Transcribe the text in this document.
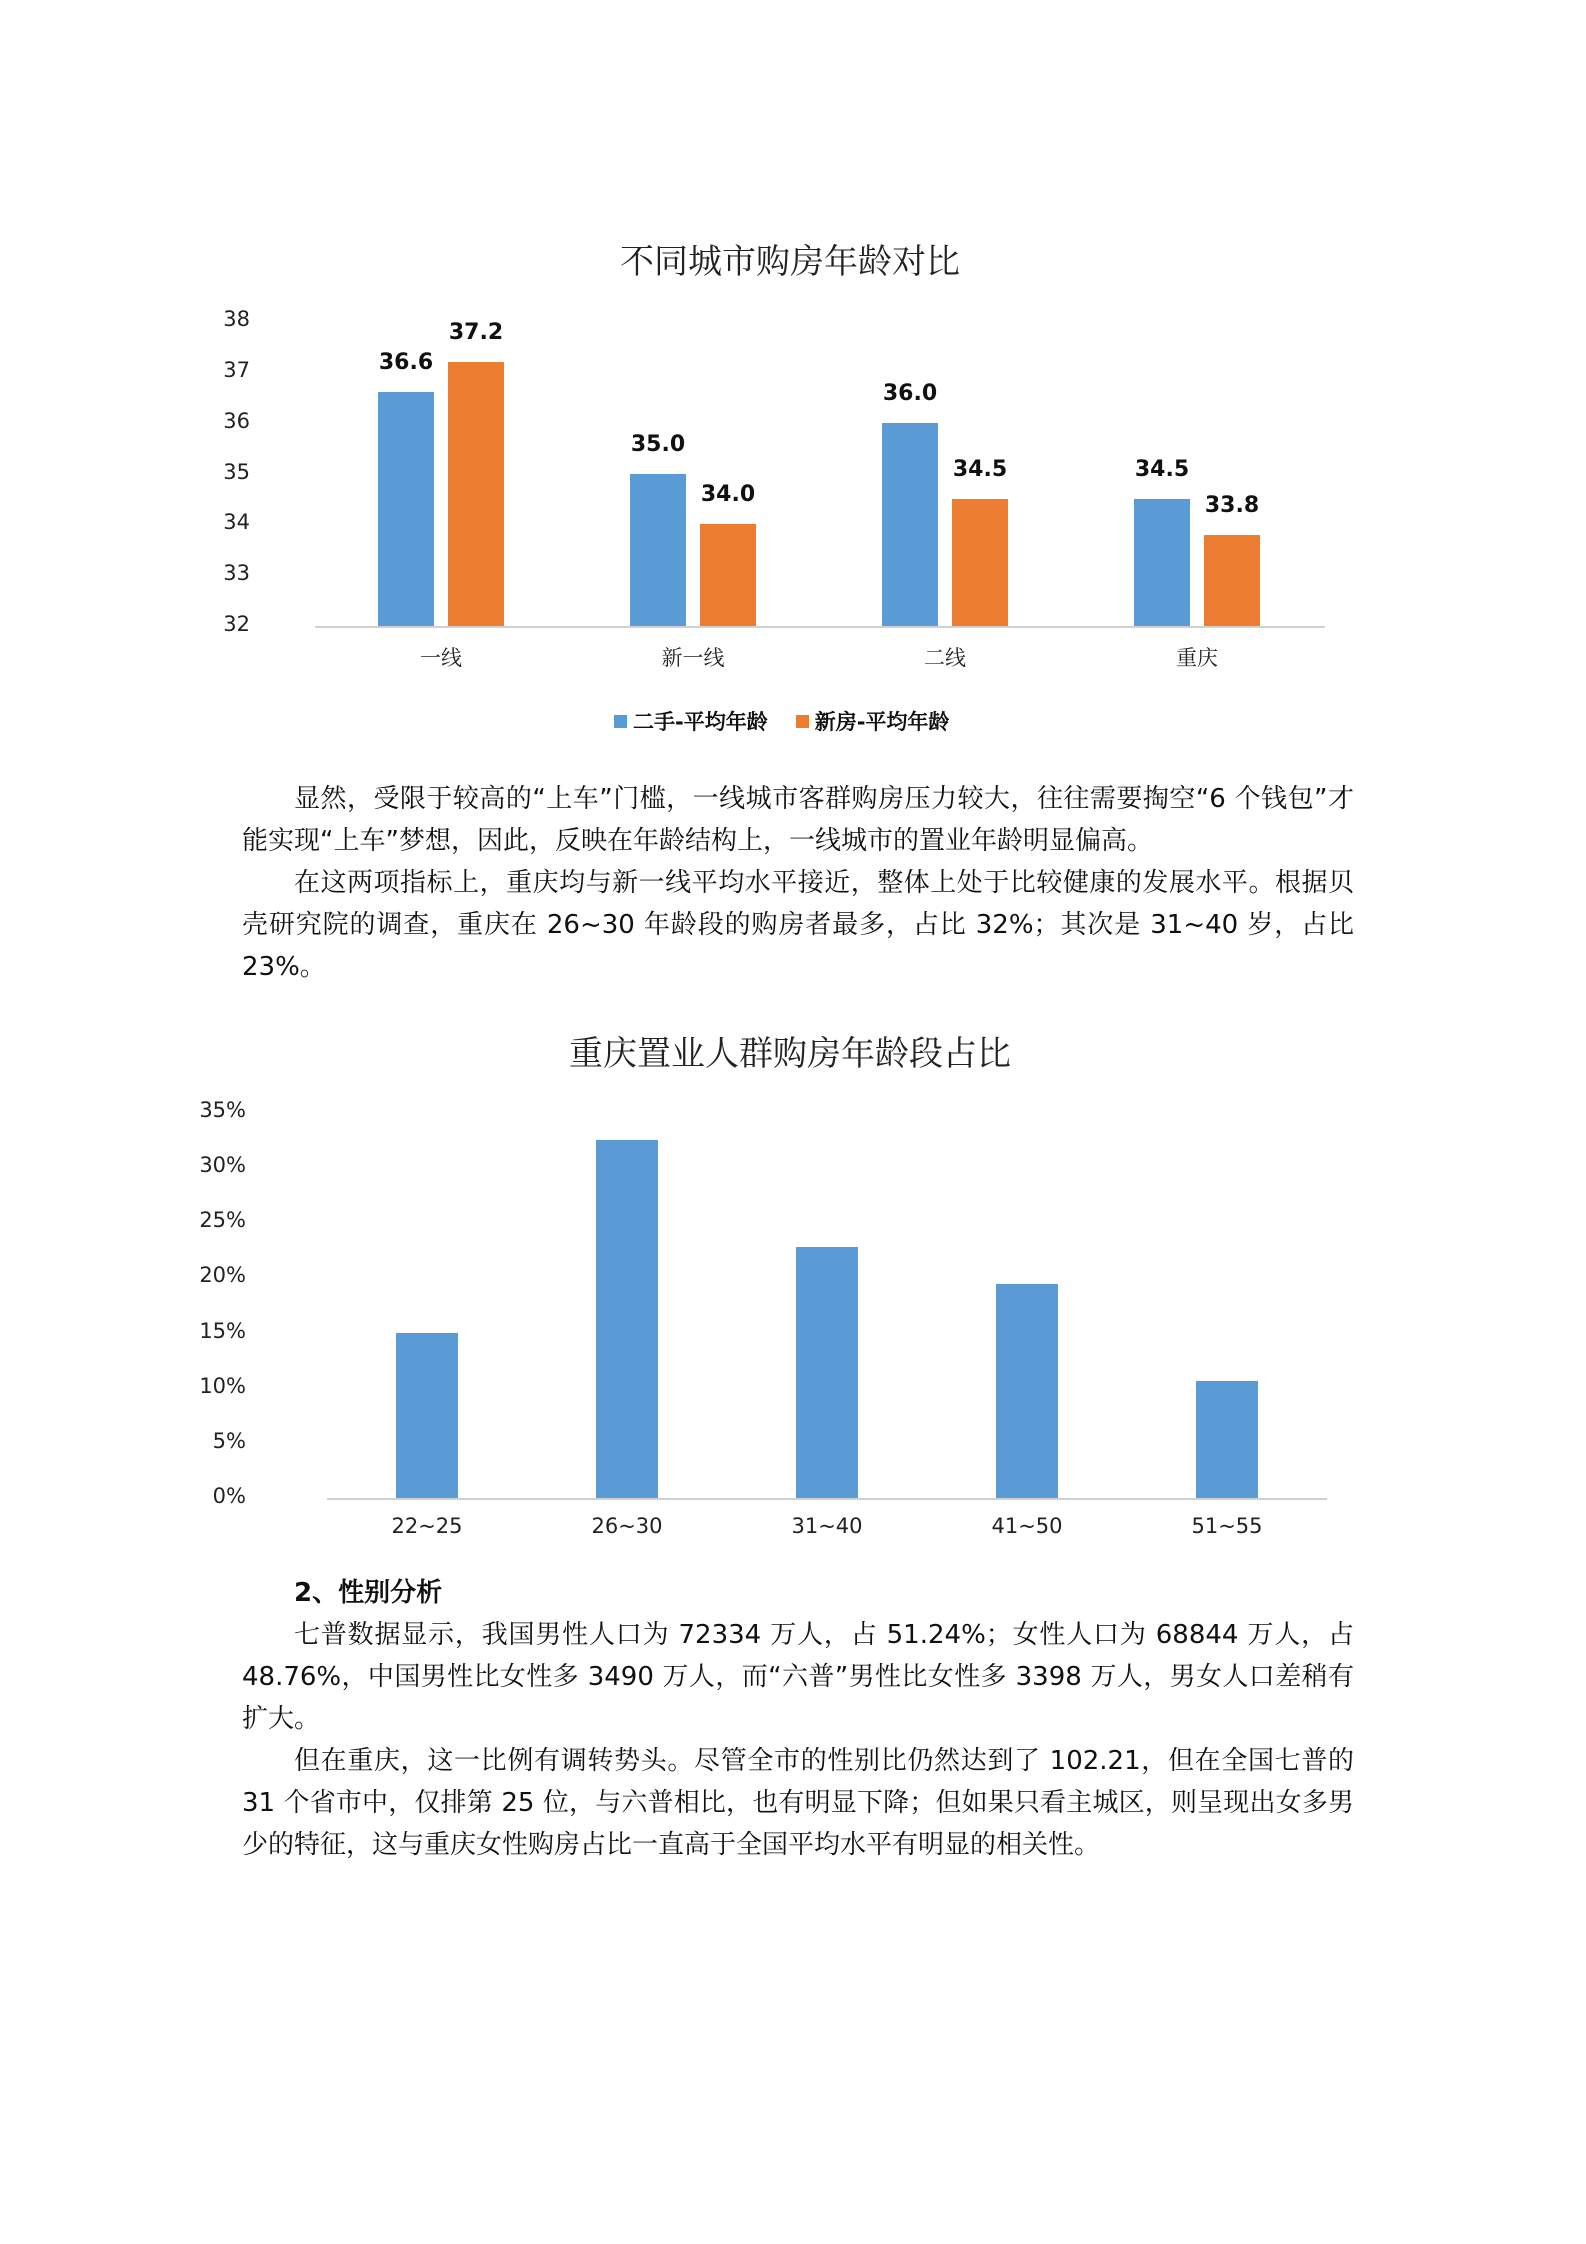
不同城市购房年龄对比
38
37
36
35
34
33
32
36.6
37.2
一线
35.0
34.0
新一线
36.0
34.5
二线
34.5
33.8
重庆
二手-平均年龄 新房-平均年龄

显然，受限于较高的“上车”门槛，一线城市客群购房压力较大，往往需要掏空“6 个钱包”才能实现“上车”梦想，因此，反映在年龄结构上，一线城市的置业年龄明显偏高。

在这两项指标上，重庆均与新一线平均水平接近，整体上处于比较健康的发展水平。根据贝壳研究院的调查，重庆在 26~30 年龄段的购房者最多，占比 32%；其次是 31~40 岁，占比 23%。

重庆置业人群购房年龄段占比
35%
30%
25%
20%
15%
10%
5%
0%
22~25	26~30	31~40	41~50	51~55

2、性别分析

七普数据显示，我国男性人口为 72334 万人，占 51.24%；女性人口为 68844 万人，占 48.76%，中国男性比女性多 3490 万人，而“六普”男性比女性多 3398 万人，男女人口差稍有扩大。

但在重庆，这一比例有调转势头。尽管全市的性别比仍然达到了 102.21，但在全国七普的 31 个省市中，仅排第 25 位，与六普相比，也有明显下降；但如果只看主城区，则呈现出女多男少的特征，这与重庆女性购房占比一直高于全国平均水平有明显的相关性。
